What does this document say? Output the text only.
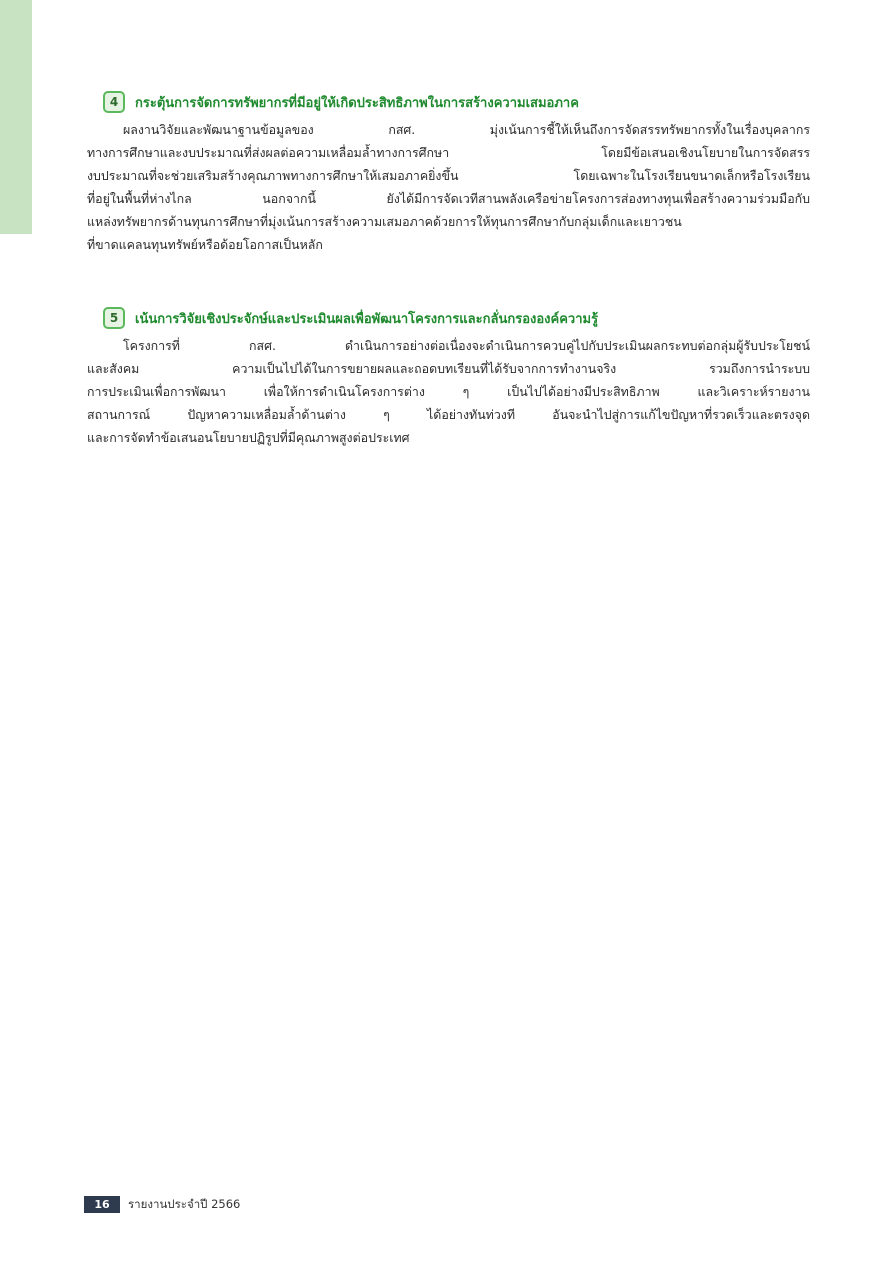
4	กระตุ้นการจัดการทรัพยากรที่มีอยู่ให้เกิดประสิทธิภาพในการสร้างความเสมอภาค
ผลงานวิจัยและพัฒนาฐานข้อมูลของ กสศ. มุ่งเน้นการชี้ให้เห็นถึงการจัดสรรทรัพยากรทั้งในเรื่องบุคลากร
ทางการศึกษาและงบประมาณที่ส่งผลต่อความเหลื่อมล้ำทางการศึกษา โดยมีข้อเสนอเชิงนโยบายในการจัดสรร
งบประมาณที่จะช่วยเสริมสร้างคุณภาพทางการศึกษาให้เสมอภาคยิ่งขึ้น โดยเฉพาะในโรงเรียนขนาดเล็กหรือโรงเรียน
ที่อยู่ในพื้นที่ห่างไกล นอกจากนี้ ยังได้มีการจัดเวทีสานพลังเครือข่ายโครงการส่องทางทุนเพื่อสร้างความร่วมมือกับ
แหล่งทรัพยากรด้านทุนการศึกษาที่มุ่งเน้นการสร้างความเสมอภาคด้วยการให้ทุนการศึกษากับกลุ่มเด็กและเยาวชน
ที่ขาดแคลนทุนทรัพย์หรือด้อยโอกาสเป็นหลัก
5	เน้นการวิจัยเชิงประจักษ์และประเมินผลเพื่อพัฒนาโครงการและกลั่นกรององค์ความรู้
โครงการที่ กสศ. ดำเนินการอย่างต่อเนื่องจะดำเนินการควบคู่ไปกับประเมินผลกระทบต่อกลุ่มผู้รับประโยชน์
และสังคม ความเป็นไปได้ในการขยายผลและถอดบทเรียนที่ได้รับจากการทำงานจริง รวมถึงการนำระบบ
การประเมินเพื่อการพัฒนา เพื่อให้การดำเนินโครงการต่าง ๆ เป็นไปได้อย่างมีประสิทธิภาพ และวิเคราะห์รายงาน
สถานการณ์ ปัญหาความเหลื่อมล้ำด้านต่าง ๆ ได้อย่างทันท่วงที อันจะนำไปสู่การแก้ไขปัญหาที่รวดเร็วและตรงจุด
และการจัดทำข้อเสนอนโยบายปฏิรูปที่มีคุณภาพสูงต่อประเทศ
16	รายงานประจำปี 2566
